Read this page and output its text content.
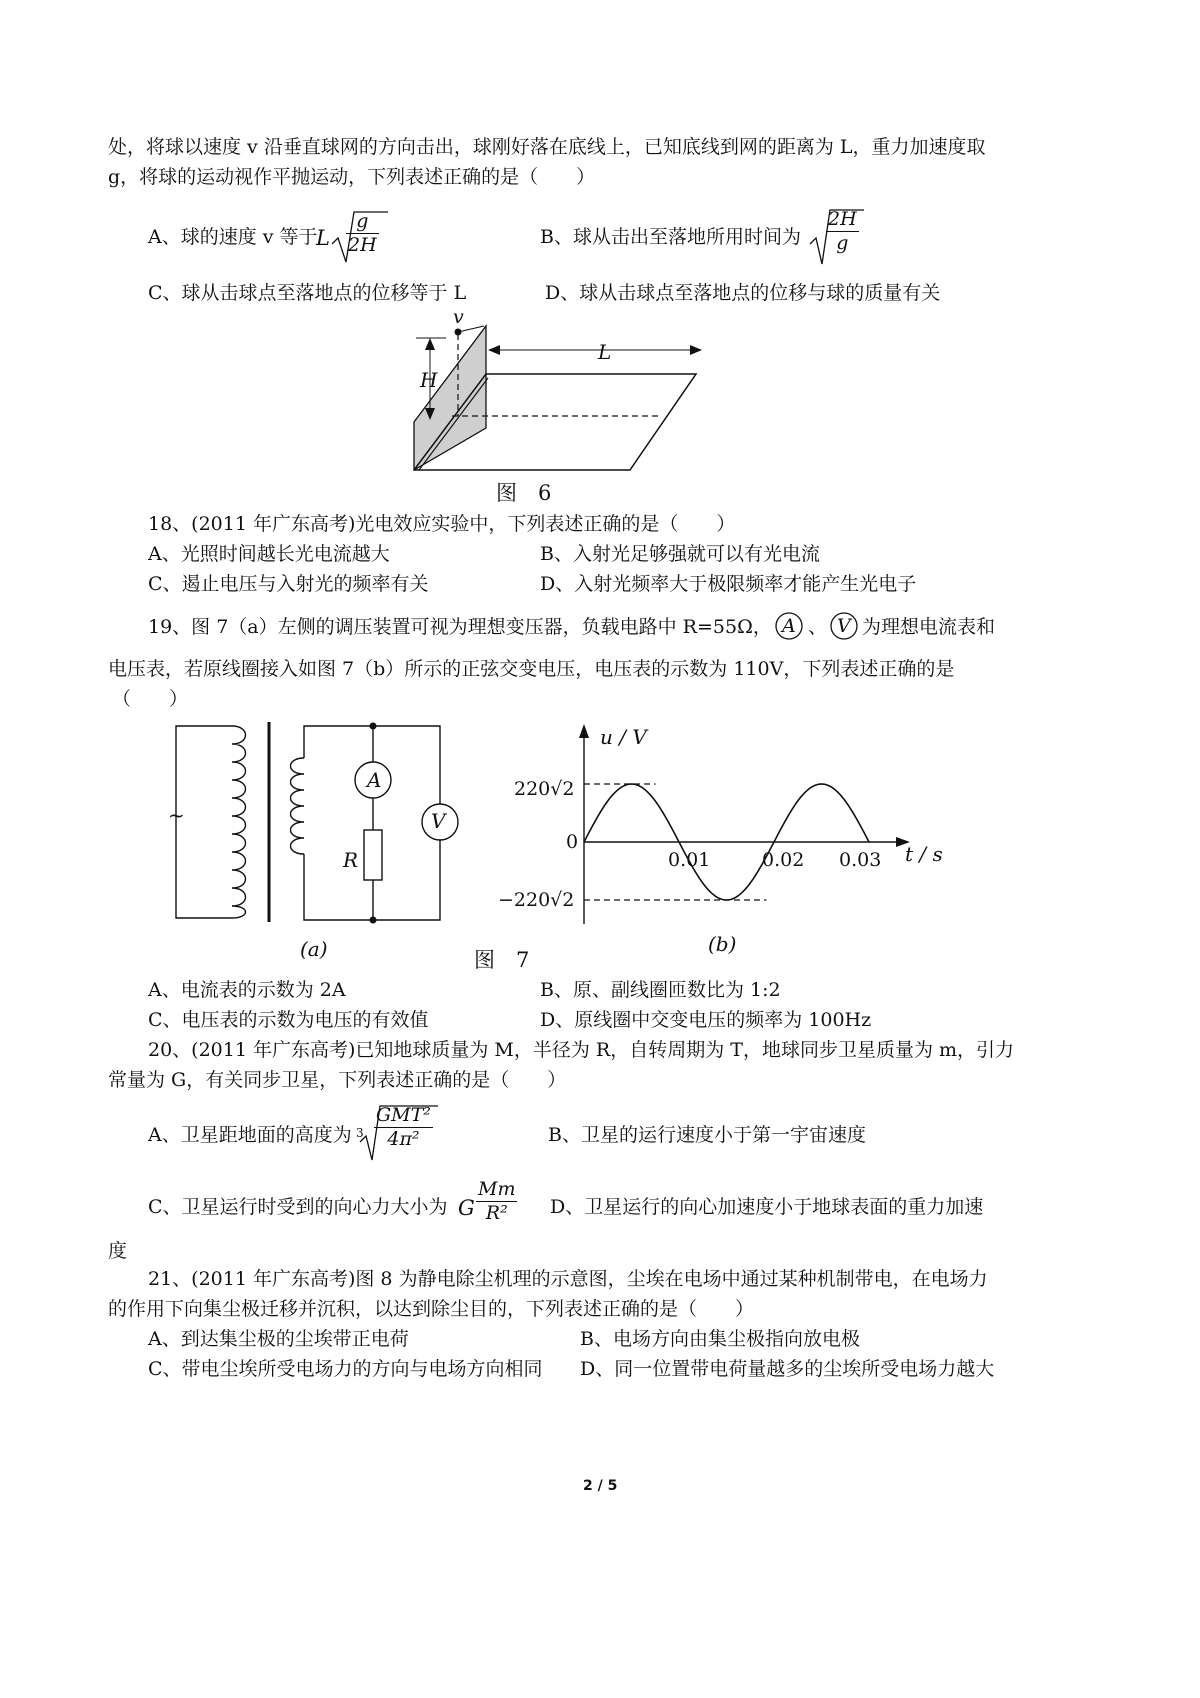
处，将球以速度 v 沿垂直球网的方向击出，球刚好落在底线上，已知底线到网的距离为 L，重力加速度取
g，将球的运动视作平抛运动，下列表述正确的是（　　）
A、球的速度 v 等于
L $\frac{g}{2H}$	B、球从击出至落地所用时间为 $\frac{2H}{g}$
C、球从击球点至落地点的位移等于 L	D、球从击球点至落地点的位移与球的质量有关
v
L
H
图　6
18、(2011 年广东高考)光电效应实验中，下列表述正确的是（　　）
A、光照时间越长光电流越大	B、入射光足够强就可以有光电流
C、遏止电压与入射光的频率有关	D、入射光频率大于极限频率才能产生光电子
19、图 7（a）左侧的调压装置可视为理想变压器，负载电路中 R=55Ω， A 、 V 为理想电流表和
电压表，若原线圈接入如图 7（b）所示的正弦交变电压，电压表的示数为 110V，下列表述正确的是
（　　）
~
A
V
R
(a)
u / V
t / s
220√2
0
−220√2
0.01	0.02 0.03
(b)
图　7
A、电流表的示数为 2A	B、原、副线圈匝数比为 1:2
C、电压表的示数为电压的有效值	D、原线圈中交变电压的频率为 100Hz
20、(2011 年广东高考)已知地球质量为 M，半径为 R，自转周期为 T，地球同步卫星质量为 m，引力
常量为 G，有关同步卫星，下列表述正确的是（　　）
A、卫星距地面的高度为 $3 \frac{\text{GMT²}}{\text{4π²}}$	B、卫星的运行速度小于第一宇宙速度
C、卫星运行时受到的向心力大小为 G $\frac{Mm}{\text{R²}}$ D、卫星运行的向心加速度小于地球表面的重力加速
度
21、(2011 年广东高考)图 8 为静电除尘机理的示意图，尘埃在电场中通过某种机制带电，在电场力
的作用下向集尘极迁移并沉积，以达到除尘目的，下列表述正确的是（　　）
A、到达集尘极的尘埃带正电荷	B、电场方向由集尘极指向放电极
C、带电尘埃所受电场力的方向与电场方向相同 D、同一位置带电荷量越多的尘埃所受电场力越大
2 / 5
